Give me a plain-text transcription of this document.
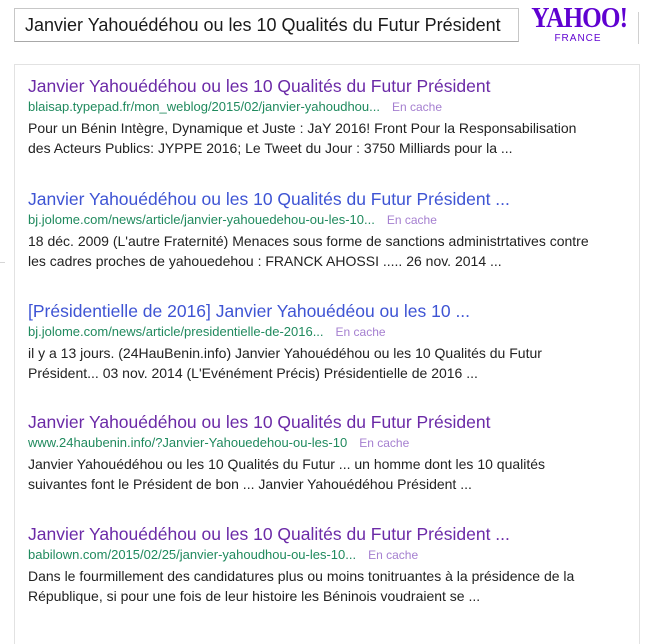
Janvier Yahouédéhou ou les 10 Qualités du Futur Président	YAHOO!
FRANCE
Janvier Yahouédéhou ou les 10 Qualités du Futur Président
blaisap.typepad.fr/mon_weblog/2015/02/janvier-yahoudhou... En cache
Pour un Bénin Intègre, Dynamique et Juste : JaY 2016! Front Pour la Responsabilisation
des Acteurs Publics: JYPPE 2016; Le Tweet du Jour : 3750 Milliards pour la ...
Janvier Yahouédéhou ou les 10 Qualités du Futur Président ...
bj.jolome.com/news/article/janvier-yahouedehou-ou-les-10... En cache
18 déc. 2009 (L'autre Fraternité) Menaces sous forme de sanctions administrtatives contre
les cadres proches de yahouedehou : FRANCK AHOSSI ..... 26 nov. 2014 ...
[Présidentielle de 2016] Janvier Yahouédéou ou les 10 ...
bj.jolome.com/news/article/presidentielle-de-2016... En cache
il y a 13 jours. (24HauBenin.info) Janvier Yahouédéhou ou les 10 Qualités du Futur
Président... 03 nov. 2014 (L'Evénément Précis) Présidentielle de 2016 ...
Janvier Yahouédéhou ou les 10 Qualités du Futur Président
www.24haubenin.info/?Janvier-Yahouedehou-ou-les-10 En cache
Janvier Yahouédéhou ou les 10 Qualités du Futur ... un homme dont les 10 qualités
suivantes font le Président de bon ... Janvier Yahouédéhou Président ...
Janvier Yahouédéhou ou les 10 Qualités du Futur Président ...
babilown.com/2015/02/25/janvier-yahoudhou-ou-les-10... En cache
Dans le fourmillement des candidatures plus ou moins tonitruantes à la présidence de la
République, si pour une fois de leur histoire les Béninois voudraient se ...
